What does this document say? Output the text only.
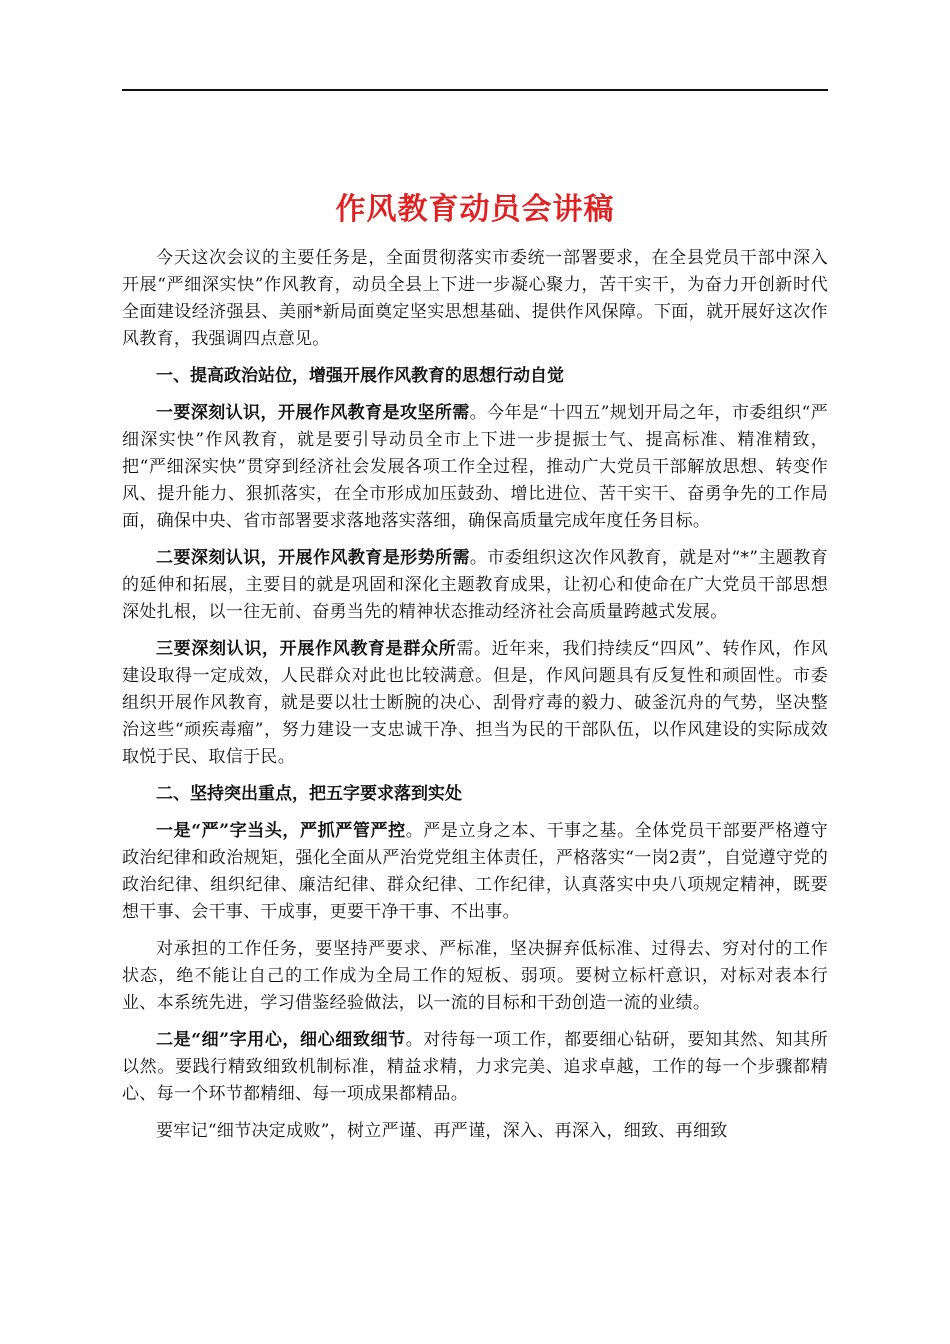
作风教育动员会讲稿

今天这次会议的主要任务是，全面贯彻落实市委统一部署要求，在全县党员干部中深入开展“严细深实快”作风教育，动员全县上下进一步凝心聚力，苦干实干，为奋力开创新时代全面建设经济强县、美丽*新局面奠定坚实思想基础、提供作风保障。下面，就开展好这次作风教育，我强调四点意见。

一、提高政治站位，增强开展作风教育的思想行动自觉

一要深刻认识，开展作风教育是攻坚所需。今年是“十四五”规划开局之年，市委组织“严细深实快”作风教育，就是要引导动员全市上下进一步提振士气、提高标准、精准精致，把“严细深实快”贯穿到经济社会发展各项工作全过程，推动广大党员干部解放思想、转变作风、提升能力、狠抓落实，在全市形成加压鼓劲、增比进位、苦干实干、奋勇争先的工作局面，确保中央、省市部署要求落地落实落细，确保高质量完成年度任务目标。

二要深刻认识，开展作风教育是形势所需。市委组织这次作风教育，就是对“*”主题教育的延伸和拓展，主要目的就是巩固和深化主题教育成果，让初心和使命在广大党员干部思想深处扎根，以一往无前、奋勇当先的精神状态推动经济社会高质量跨越式发展。

三要深刻认识，开展作风教育是群众所需。近年来，我们持续反“四风”、转作风，作风建设取得一定成效，人民群众对此也比较满意。但是，作风问题具有反复性和顽固性。市委组织开展作风教育，就是要以壮士断腕的决心、刮骨疗毒的毅力、破釜沉舟的气势，坚决整治这些“顽疾毒瘤”，努力建设一支忠诚干净、担当为民的干部队伍，以作风建设的实际成效取悦于民、取信于民。

二、坚持突出重点，把五字要求落到实处

一是“严”字当头，严抓严管严控。严是立身之本、干事之基。全体党员干部要严格遵守政治纪律和政治规矩，强化全面从严治党党组主体责任，严格落实“一岗2责”，自觉遵守党的政治纪律、组织纪律、廉洁纪律、群众纪律、工作纪律，认真落实中央八项规定精神，既要想干事、会干事、干成事，更要干净干事、不出事。

对承担的工作任务，要坚持严要求、严标准，坚决摒弃低标准、过得去、穷对付的工作状态，绝不能让自己的工作成为全局工作的短板、弱项。要树立标杆意识，对标对表本行业、本系统先进，学习借鉴经验做法，以一流的目标和干劲创造一流的业绩。

二是“细”字用心，细心细致细节。对待每一项工作，都要细心钻研，要知其然、知其所以然。要践行精致细致机制标准，精益求精，力求完美、追求卓越，工作的每一个步骤都精心、每一个环节都精细、每一项成果都精品。

要牢记“细节决定成败”，树立严谨、再严谨，深入、再深入，细致、再细致
